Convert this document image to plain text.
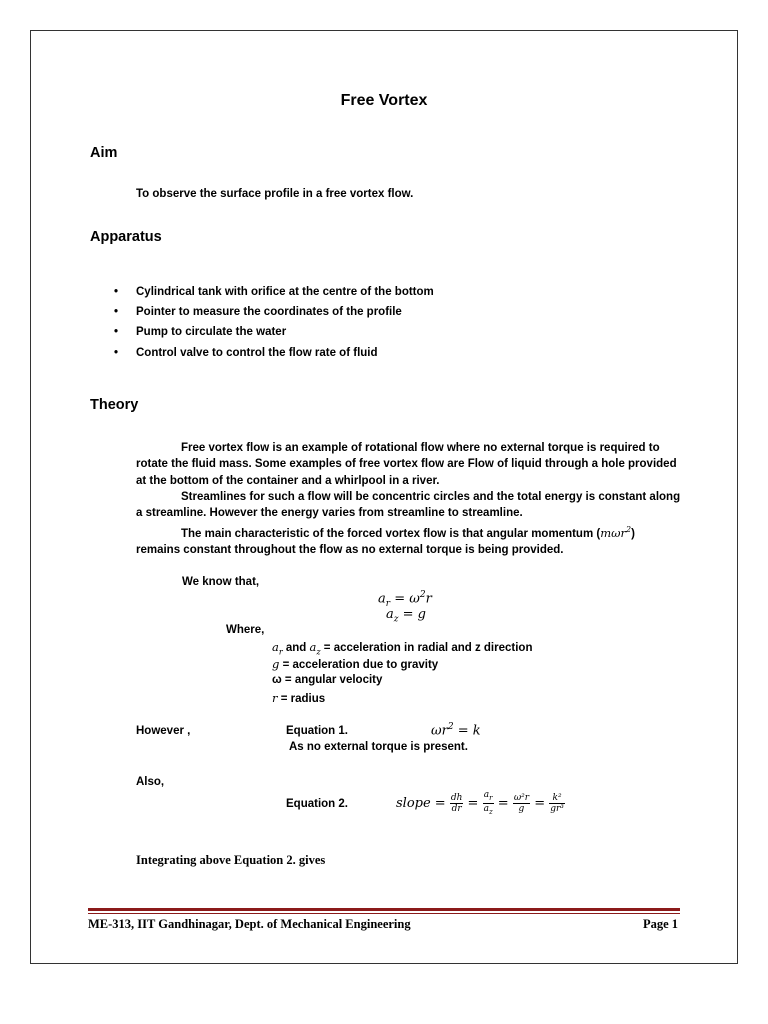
Free Vortex
Aim
To observe the surface profile in a free vortex flow.
Apparatus
• Cylindrical tank with orifice at the centre of the bottom
• Pointer to measure the coordinates of the profile
• Pump to circulate the water
• Control valve to control the flow rate of fluid
Theory
Free vortex flow is an example of rotational flow where no external torque is required to rotate the fluid mass. Some examples of free vortex flow are Flow of liquid through a hole provided at the bottom of the container and a whirlpool in a river.
Streamlines for such a flow will be concentric circles and the total energy is constant along a streamline. However the energy varies from streamline to streamline.
The main characteristic of the forced vortex flow is that angular momentum (mωr$^2$) remains constant throughout the flow as no external torque is being provided.
We know that,
$a_r = \omega^2r$
$a_z = g$
Where,
$a_r$ and $a_z$ = acceleration in radial and z direction
g = acceleration due to gravity
ω = angular velocity
r = radius
However ,	Equation 1.	$\omega r^2 = k$
As no external torque is present.
Also,
Equation 2.	slope = $\frac{dh}{dr} = \frac{a_r}{a_z} = \frac{\text{ω²r}}{g} = \frac{\text{k²}}{\text{gr³}}$
Integrating above Equation 2. gives
ME-313, IIT Gandhinagar, Dept. of Mechanical Engineering	Page 1
